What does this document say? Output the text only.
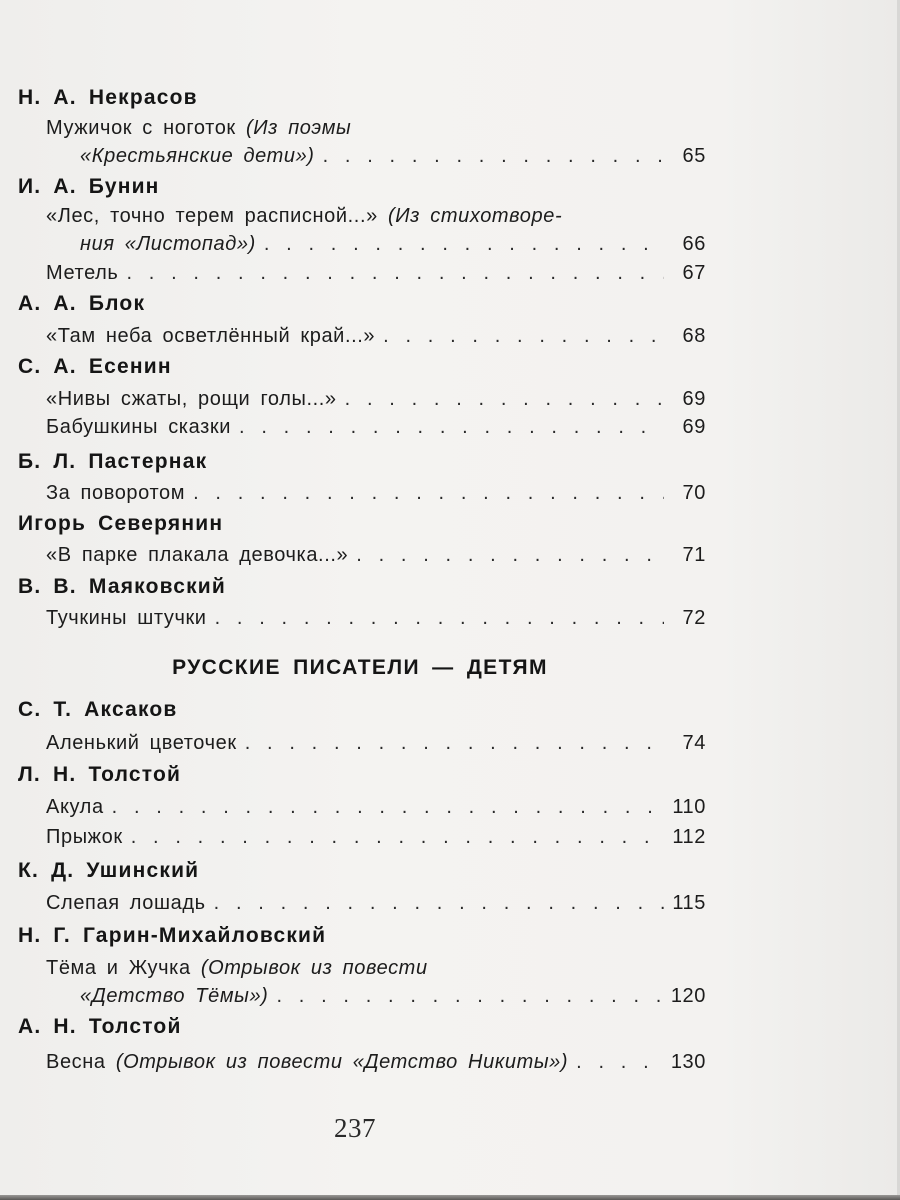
Н. А. Некрасов
Мужичок с ноготок (Из поэмы
«Крестьянские дети») . . .	65
И. А. Бунин
«Лес, точно терем расписной...» (Из стихотворе-
ния «Листопад») . . .	66
Метель . . .	67
А. А. Блок
«Там неба осветлённый край...» . . .	68
С. А. Есенин
«Нивы сжаты, рощи голы...» . . .	69
Бабушкины сказки . . .	69
Б. Л. Пастернак
За поворотом . . .	70
Игорь Северянин
«В парке плакала девочка...» . . .	71
В. В. Маяковский
Тучкины штучки . . .	72
РУССКИЕ ПИСАТЕЛИ — ДЕТЯМ
С. Т. Аксаков
Аленький цветочек . . .	74
Л. Н. Толстой
Акула . . .	110
Прыжок . . .	112
К. Д. Ушинский
Слепая лошадь . . .	115
Н. Г. Гарин-Михайловский
Тёма и Жучка (Отрывок из повести
«Детство Тёмы») . . .	120
А. Н. Толстой
Весна (Отрывок из повести «Детство Никиты») . . .	130
237
